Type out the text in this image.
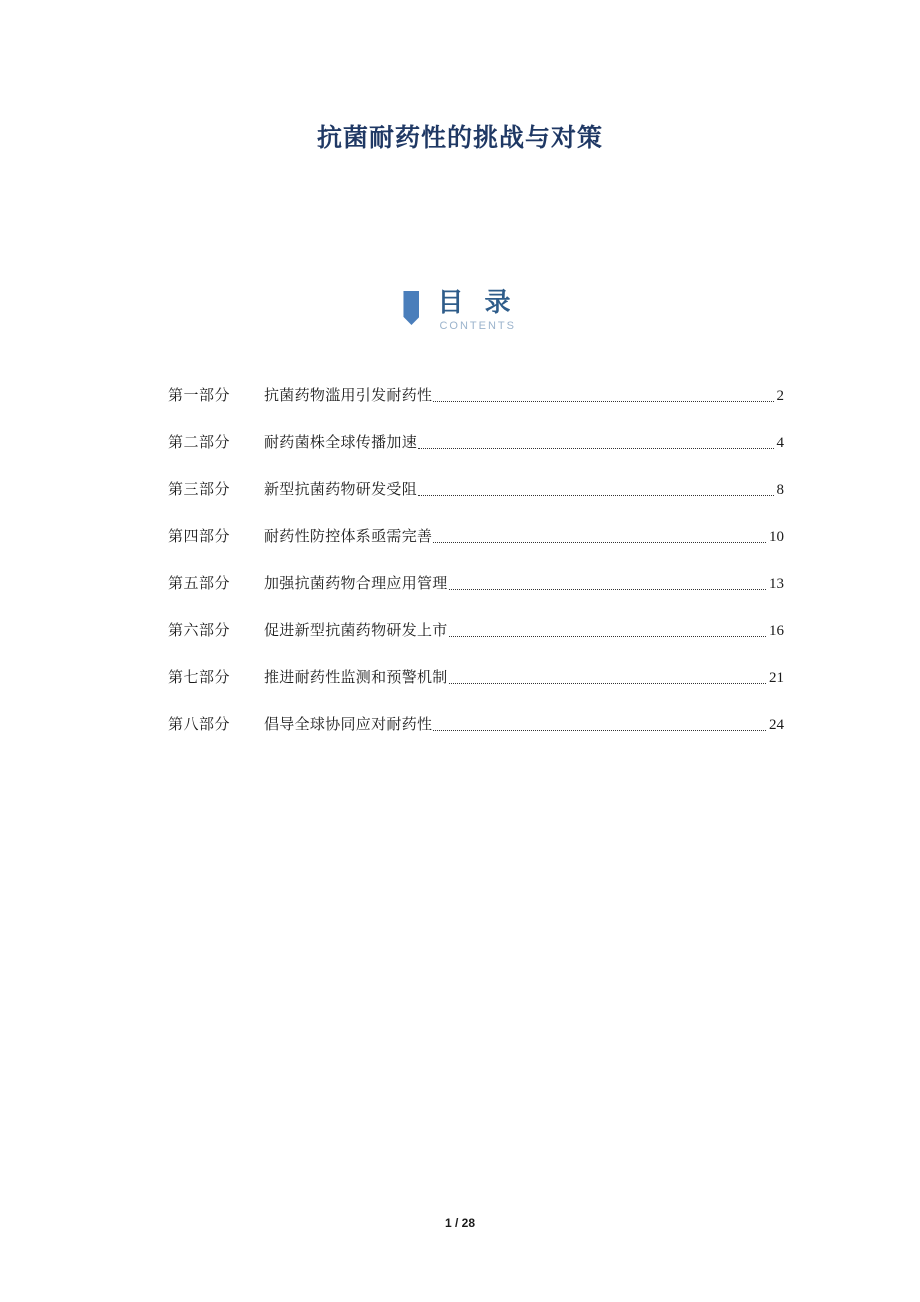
抗菌耐药性的挑战与对策
目 录
CONTENTS
第一部分	抗菌药物滥用引发耐药性	2
第二部分	耐药菌株全球传播加速	4
第三部分	新型抗菌药物研发受阻	8
第四部分	耐药性防控体系亟需完善	10
第五部分	加强抗菌药物合理应用管理	13
第六部分	促进新型抗菌药物研发上市	16
第七部分	推进耐药性监测和预警机制	21
第八部分	倡导全球协同应对耐药性	24
1 / 28
